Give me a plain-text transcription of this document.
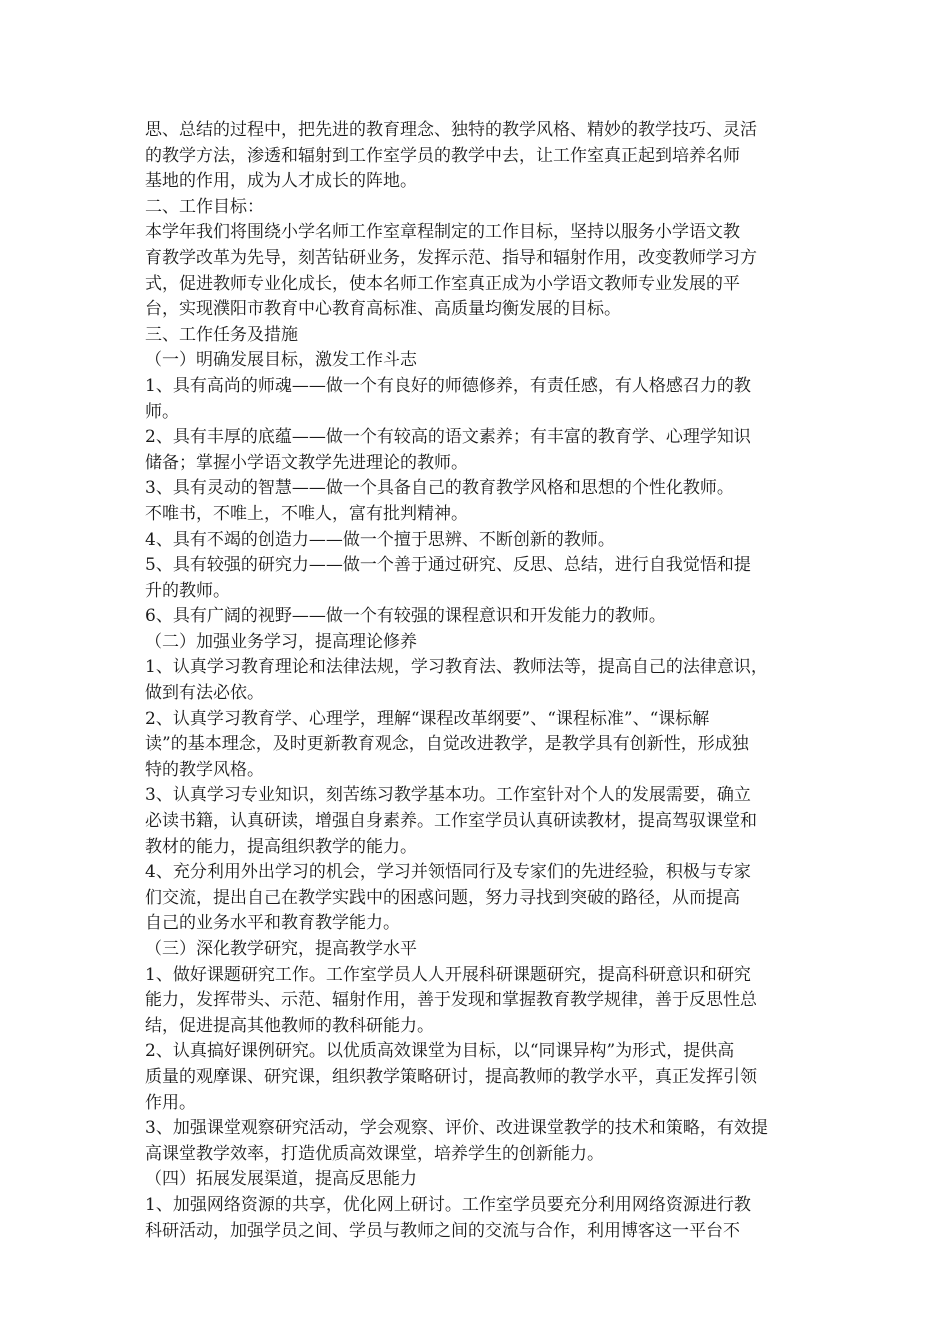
思、总结的过程中，把先进的教育理念、独特的教学风格、精妙的教学技巧、灵活
的教学方法，渗透和辐射到工作室学员的教学中去，让工作室真正起到培养名师
基地的作用，成为人才成长的阵地。
二、工作目标：
本学年我们将围绕小学名师工作室章程制定的工作目标，坚持以服务小学语文教
育教学改革为先导，刻苦钻研业务，发挥示范、指导和辐射作用，改变教师学习方
式，促进教师专业化成长，使本名师工作室真正成为小学语文教师专业发展的平
台，实现濮阳市教育中心教育高标准、高质量均衡发展的目标。
三、工作任务及措施
（一）明确发展目标，激发工作斗志
1、具有高尚的师魂——做一个有良好的师德修养，有责任感，有人格感召力的教
师。
2、具有丰厚的底蕴——做一个有较高的语文素养；有丰富的教育学、心理学知识
储备；掌握小学语文教学先进理论的教师。
3、具有灵动的智慧——做一个具备自己的教育教学风格和思想的个性化教师。
不唯书，不唯上，不唯人，富有批判精神。
4、具有不竭的创造力——做一个擅于思辨、不断创新的教师。
5、具有较强的研究力——做一个善于通过研究、反思、总结，进行自我觉悟和提
升的教师。
6、具有广阔的视野——做一个有较强的课程意识和开发能力的教师。
（二）加强业务学习，提高理论修养
1、认真学习教育理论和法律法规，学习教育法、教师法等，提高自己的法律意识，
做到有法必依。
2、认真学习教育学、心理学，理解“课程改革纲要”、“课程标准”、“课标解
读”的基本理念，及时更新教育观念，自觉改进教学，是教学具有创新性，形成独
特的教学风格。
3、认真学习专业知识，刻苦练习教学基本功。工作室针对个人的发展需要，确立
必读书籍，认真研读，增强自身素养。工作室学员认真研读教材，提高驾驭课堂和
教材的能力，提高组织教学的能力。
4、充分利用外出学习的机会，学习并领悟同行及专家们的先进经验，积极与专家
们交流，提出自己在教学实践中的困惑问题，努力寻找到突破的路径，从而提高
自己的业务水平和教育教学能力。
（三）深化教学研究，提高教学水平
1、做好课题研究工作。工作室学员人人开展科研课题研究，提高科研意识和研究
能力，发挥带头、示范、辐射作用，善于发现和掌握教育教学规律，善于反思性总
结，促进提高其他教师的教科研能力。
2、认真搞好课例研究。以优质高效课堂为目标，以“同课异构”为形式，提供高
质量的观摩课、研究课，组织教学策略研讨，提高教师的教学水平，真正发挥引领
作用。
3、加强课堂观察研究活动，学会观察、评价、改进课堂教学的技术和策略，有效提
高课堂教学效率，打造优质高效课堂，培养学生的创新能力。
（四）拓展发展渠道，提高反思能力
1、加强网络资源的共享，优化网上研讨。工作室学员要充分利用网络资源进行教
科研活动，加强学员之间、学员与教师之间的交流与合作，利用博客这一平台不
